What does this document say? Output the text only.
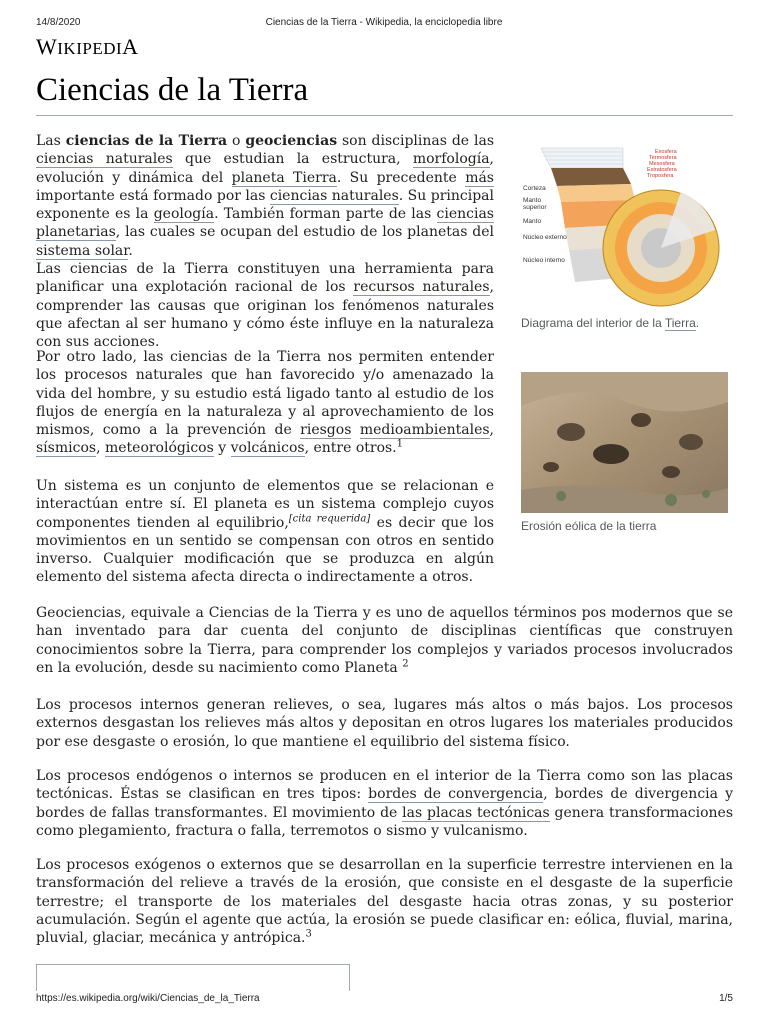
14/8/2020	Ciencias de la Tierra - Wikipedia, la enciclopedia libre
WIKIPEDIA
Ciencias de la Tierra

Las ciencias de la Tierra o geociencias son disciplinas de las ciencias naturales que estudian la estructura, morfología, evolución y dinámica del planeta Tierra. Su precedente más importante está formado por las ciencias naturales. Su principal exponente es la geología. También forman parte de las ciencias planetarias, las cuales se ocupan del estudio de los planetas del sistema solar.

Las ciencias de la Tierra constituyen una herramienta para planificar una explotación racional de los recursos naturales, comprender las causas que originan los fenómenos naturales que afectan al ser humano y cómo éste influye en la naturaleza con sus acciones.

Por otro lado, las ciencias de la Tierra nos permiten entender los procesos naturales que han favorecido y/o amenazado la vida del hombre, y su estudio está ligado tanto al estudio de los flujos de energía en la naturaleza y al aprovechamiento de los mismos, como a la prevención de riesgos medioambientales, sísmicos, meteorológicos y volcánicos, entre otros.$^1$

Un sistema es un conjunto de elementos que se relacionan e interactúan entre sí. El planeta es un sistema complejo cuyos componentes tienden al equilibrio,[cita requerida] es decir que los movimientos en un sentido se compensan con otros en sentido inverso. Cualquier modificación que se produzca en algún elemento del sistema afecta directa o indirectamente a otros.

Geociencias, equivale a Ciencias de la Tierra y es uno de aquellos términos pos modernos que se han inventado para dar cuenta del conjunto de disciplinas científicas que construyen conocimientos sobre la Tierra, para comprender los complejos y variados procesos involucrados en la evolución, desde su nacimiento como Planeta $^2$

Los procesos internos generan relieves, o sea, lugares más altos o más bajos. Los procesos externos desgastan los relieves más altos y depositan en otros lugares los materiales producidos por ese desgaste o erosión, lo que mantiene el equilibrio del sistema físico.

Los procesos endógenos o internos se producen en el interior de la Tierra como son las placas tectónicas. Éstas se clasifican en tres tipos: bordes de convergencia, bordes de divergencia y bordes de fallas transformantes. El movimiento de las placas tectónicas genera transformaciones como plegamiento, fractura o falla, terremotos o sismo y vulcanismo.

Los procesos exógenos o externos que se desarrollan en la superficie terrestre intervienen en la transformación del relieve a través de la erosión, que consiste en el desgaste de la superficie terrestre; el transporte de los materiales del desgaste hacia otras zonas, y su posterior acumulación. Según el agente que actúa, la erosión se puede clasificar en: eólica, fluvial, marina, pluvial, glaciar, mecánica y antrópica.$^3$

Exosfera
Termosfera
Mesosfera
Estratosfera
Troposfera
Corteza
Manto
superior
Manto
Núcleo externo
Núcleo interno
Diagrama del interior de la Tierra.
Erosión eólica de la tierra
https://es.wikipedia.org/wiki/Ciencias_de_la_Tierra	1/5
